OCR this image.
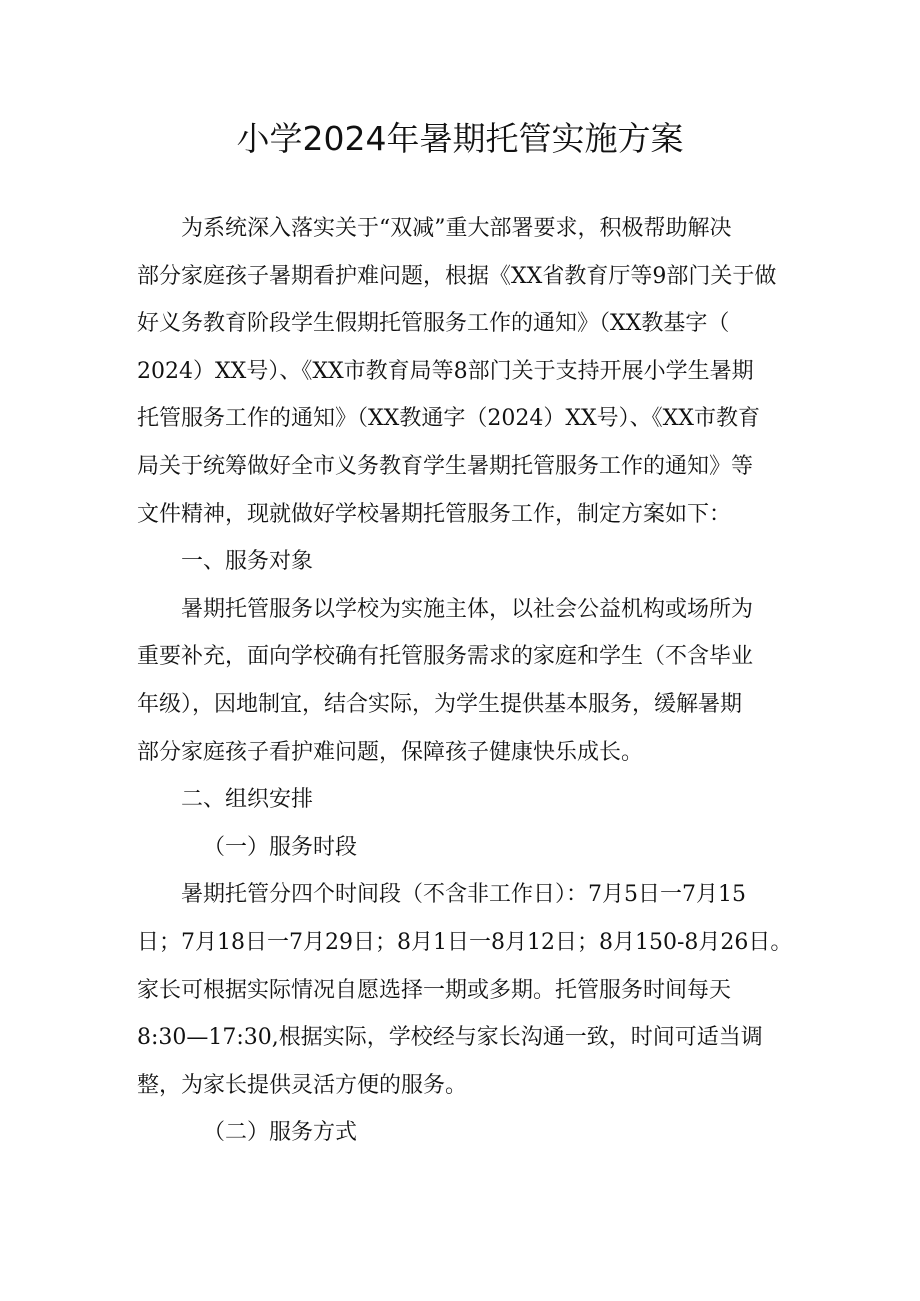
小学2024年暑期托管实施方案
为系统深入落实关于“双减”重大部署要求，积极帮助解决
部分家庭孩子暑期看护难问题，根据《XX省教育厅等9部门关于做
好义务教育阶段学生假期托管服务工作的通知》（XX教基字（
2024）XX号）、《XX市教育局等8部门关于支持开展小学生暑期
托管服务工作的通知》（XX教通字（2024）XX号）、《XX市教育
局关于统筹做好全市义务教育学生暑期托管服务工作的通知》等
文件精神，现就做好学校暑期托管服务工作，制定方案如下：
一、服务对象
暑期托管服务以学校为实施主体，以社会公益机构或场所为
重要补充，面向学校确有托管服务需求的家庭和学生（不含毕业
年级），因地制宜，结合实际，为学生提供基本服务，缓解暑期
部分家庭孩子看护难问题，保障孩子健康快乐成长。
二、组织安排
（一）服务时段
暑期托管分四个时间段（不含非工作日）：7月5日一7月15
日；7月18日一7月29日；8月1日一8月12日；8月150-8月26日。
家长可根据实际情况自愿选择一期或多期。托管服务时间每天
8:30—17:30,根据实际，学校经与家长沟通一致，时间可适当调
整，为家长提供灵活方便的服务。
（二）服务方式
